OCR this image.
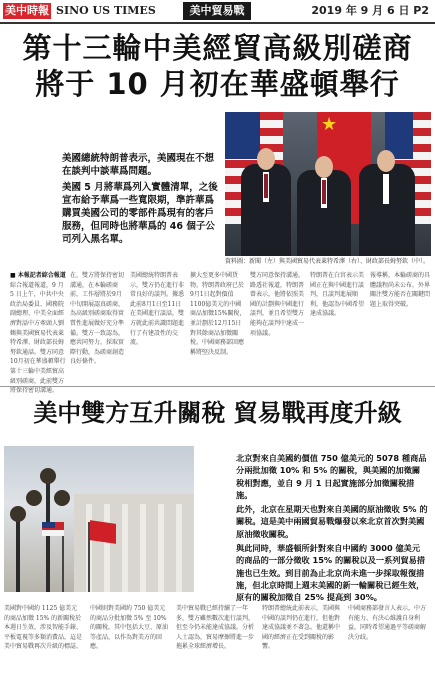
美中時報 SINO US TIMES	美中貿易戰	2019 年 9 月 6 日 P2
第十三輪中美經貿高級別磋商
將于 10 月初在華盛頓舉行

美國總統特朗普表示，美國現在不想在談判中談華爲問題。

美國 5 月將華爲列入實體清單，之後宣布給予華爲一些寬限期，準許華爲購買美國公司的零部件爲現有的客戶服務，但同時也將華爲的 46 個子公司列入黑名單。

★
資料圖：新聞（左）與美國貿易代表萊特希澤（右）、財政部長姆努欽（中）。
■ 本報記者綜合報道
綜合報道報道，9 月 5 日上午，中共中央政治局委員、國務院副總理、中美全面經濟對話中方牽頭人劉鶴與美國貿易代表萊特希澤、財政部長姆努欽通話。雙方同意10月初在華盛頓舉行第十三輪中美經貿高級別磋商，此前雙方將保持密切溝通。
在，雙方將保持密切溝通，在本輪磋商前，工作層將於9月中旬開展認真磋商，為高級別磋商取得實質性進展做好充分準備。雙方一致認為，應共同努力，採取實際行動，為磋商創造良好條件。
美國總統特朗普表示，雙方仍在進行非常良好的談判。據悉此前8月1日至11日在美國進行談話，雙方就此前共識問題進行了有建設性的交流。
擴大至更多中國貨物。特朗普政府已於9月1日起對價值1100億美元的中國商品加徵15%關稅，並計劃於12月15日對其餘商品加徵關稅。中國商務部回應稱將堅決反制。
雙方同意保持溝通。路透社報道，特朗普曾表示，他將依照美國的計劃與中國進行談判，並且希望雙方能夠在談判中達成一項協議。
特朗普在白宮表示美國正在與中國進行談判，且談判進展順利，他認為中國希望達成協議。
報導稱，本輪磋商的具體議程尚未公布，外界關注雙方能否在關鍵問題上取得突破。
美中雙方互升關稅 貿易戰再度升級

北京對來自美國約價值 750 億美元的 5078 種商品分兩批加徵 10% 和 5% 的關稅，與美國的加徵關稅相對應，並自 9 月 1 日起實施部分加徵關稅措施。

此外，北京在星期天也對來自美國的原油徵收 5% 的關稅。這是美中兩國貿易戰爆發以來北京首次對美國原油徵收關稅。

與此同時，華盛頓所針對來自中國約 3000 億美元的商品的一部分徵收 15% 的關稅以及一系列貿易措施也已生效。到目前為止北京尚未進一步採取報復措施，但北京時間上週末美國的新一輪關稅已經生效，原有的關稅加徵自 25% 提高到 30%。

美國對中國約 1125 億美元的商品加徵 15% 的新關稅於本週日生效，涉及智能手錶、平板電視等多類消費品，這是美中貿易戰再次升級的標誌。
中國則對美國約 750 億美元的商品分批加徵 5% 至 10% 的關稅，其中包括大豆、原油等產品，以作為對美方的回應。
美中貿易戰已經持續了一年多，雙方雖然數次進行談判，但至今仍未能達成協議。分析人士認為，貿易摩擦將進一步拖累全球經濟增長。
特朗普總統此前表示，美國與中國的談判仍在進行，但他對達成協議並不著急。他還稱中國的經濟正在受到關稅的影響。
中國商務部發言人表示，中方有能力、有決心維護自身利益，同時希望通過平等磋商解決分歧。
